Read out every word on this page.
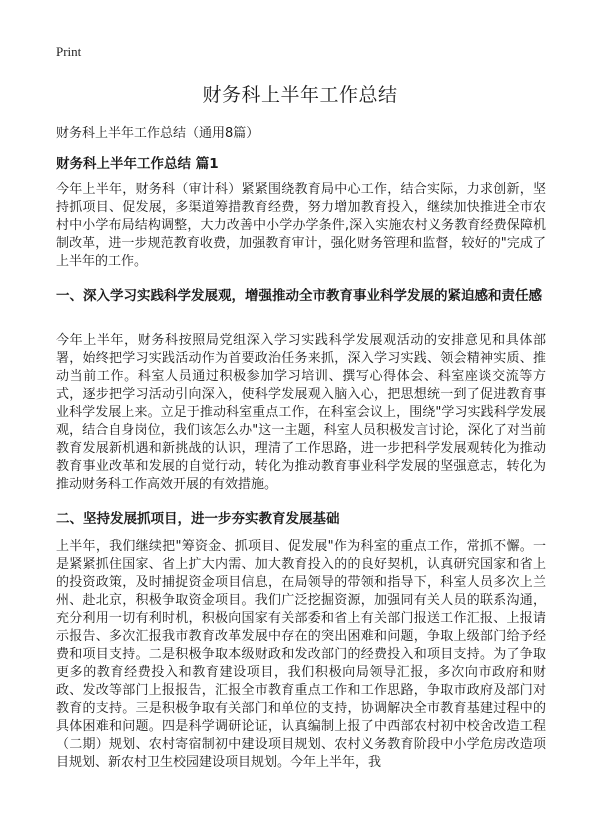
Print
财务科上半年工作总结

财务科上半年工作总结（通用8篇）

财务科上半年工作总结 篇1

今年上半年，财务科（审计科）紧紧围绕教育局中心工作，结合实际，力求创新，坚持抓项目、促发展，多渠道筹措教育经费，努力增加教育投入，继续加快推进全市农村中小学布局结构调整，大力改善中小学办学条件,深入实施农村义务教育经费保障机制改革，进一步规范教育收费，加强教育审计，强化财务管理和监督，较好的"完成了上半年的工作。

一、深入学习实践科学发展观，增强推动全市教育事业科学发展的紧迫感和责任感

今年上半年，财务科按照局党组深入学习实践科学发展观活动的安排意见和具体部署，始终把学习实践活动作为首要政治任务来抓，深入学习实践、领会精神实质、推动当前工作。科室人员通过积极参加学习培训、撰写心得体会、科室座谈交流等方式，逐步把学习活动引向深入，使科学发展观入脑入心，把思想统一到了促进教育事业科学发展上来。立足于推动科室重点工作，在科室会议上，围绕"学习实践科学发展观，结合自身岗位，我们该怎么办"这一主题，科室人员积极发言讨论，深化了对当前教育发展新机遇和新挑战的认识，理清了工作思路，进一步把科学发展观转化为推动教育事业改革和发展的自觉行动，转化为推动教育事业科学发展的坚强意志，转化为推动财务科工作高效开展的有效措施。

二、坚持发展抓项目，进一步夯实教育发展基础

上半年，我们继续把"筹资金、抓项目、促发展"作为科室的重点工作，常抓不懈。一是紧紧抓住国家、省上扩大内需、加大教育投入的的良好契机，认真研究国家和省上的投资政策，及时捕捉资金项目信息，在局领导的带领和指导下，科室人员多次上兰州、赴北京，积极争取资金项目。我们广泛挖掘资源，加强同有关人员的联系沟通，充分利用一切有利时机，积极向国家有关部委和省上有关部门报送工作汇报、上报请示报告、多次汇报我市教育改革发展中存在的突出困难和问题，争取上级部门给予经费和项目支持。二是积极争取本级财政和发改部门的经费投入和项目支持。为了争取更多的教育经费投入和教育建设项目，我们积极向局领导汇报，多次向市政府和财政、发改等部门上报报告，汇报全市教育重点工作和工作思路，争取市政府及部门对教育的支持。三是积极争取有关部门和单位的支持，协调解决全市教育基建过程中的具体困难和问题。四是科学调研论证，认真编制上报了中西部农村初中校舍改造工程（二期）规划、农村寄宿制初中建设项目规划、农村义务教育阶段中小学危房改造项目规划、新农村卫生校园建设项目规划。今年上半年，我
